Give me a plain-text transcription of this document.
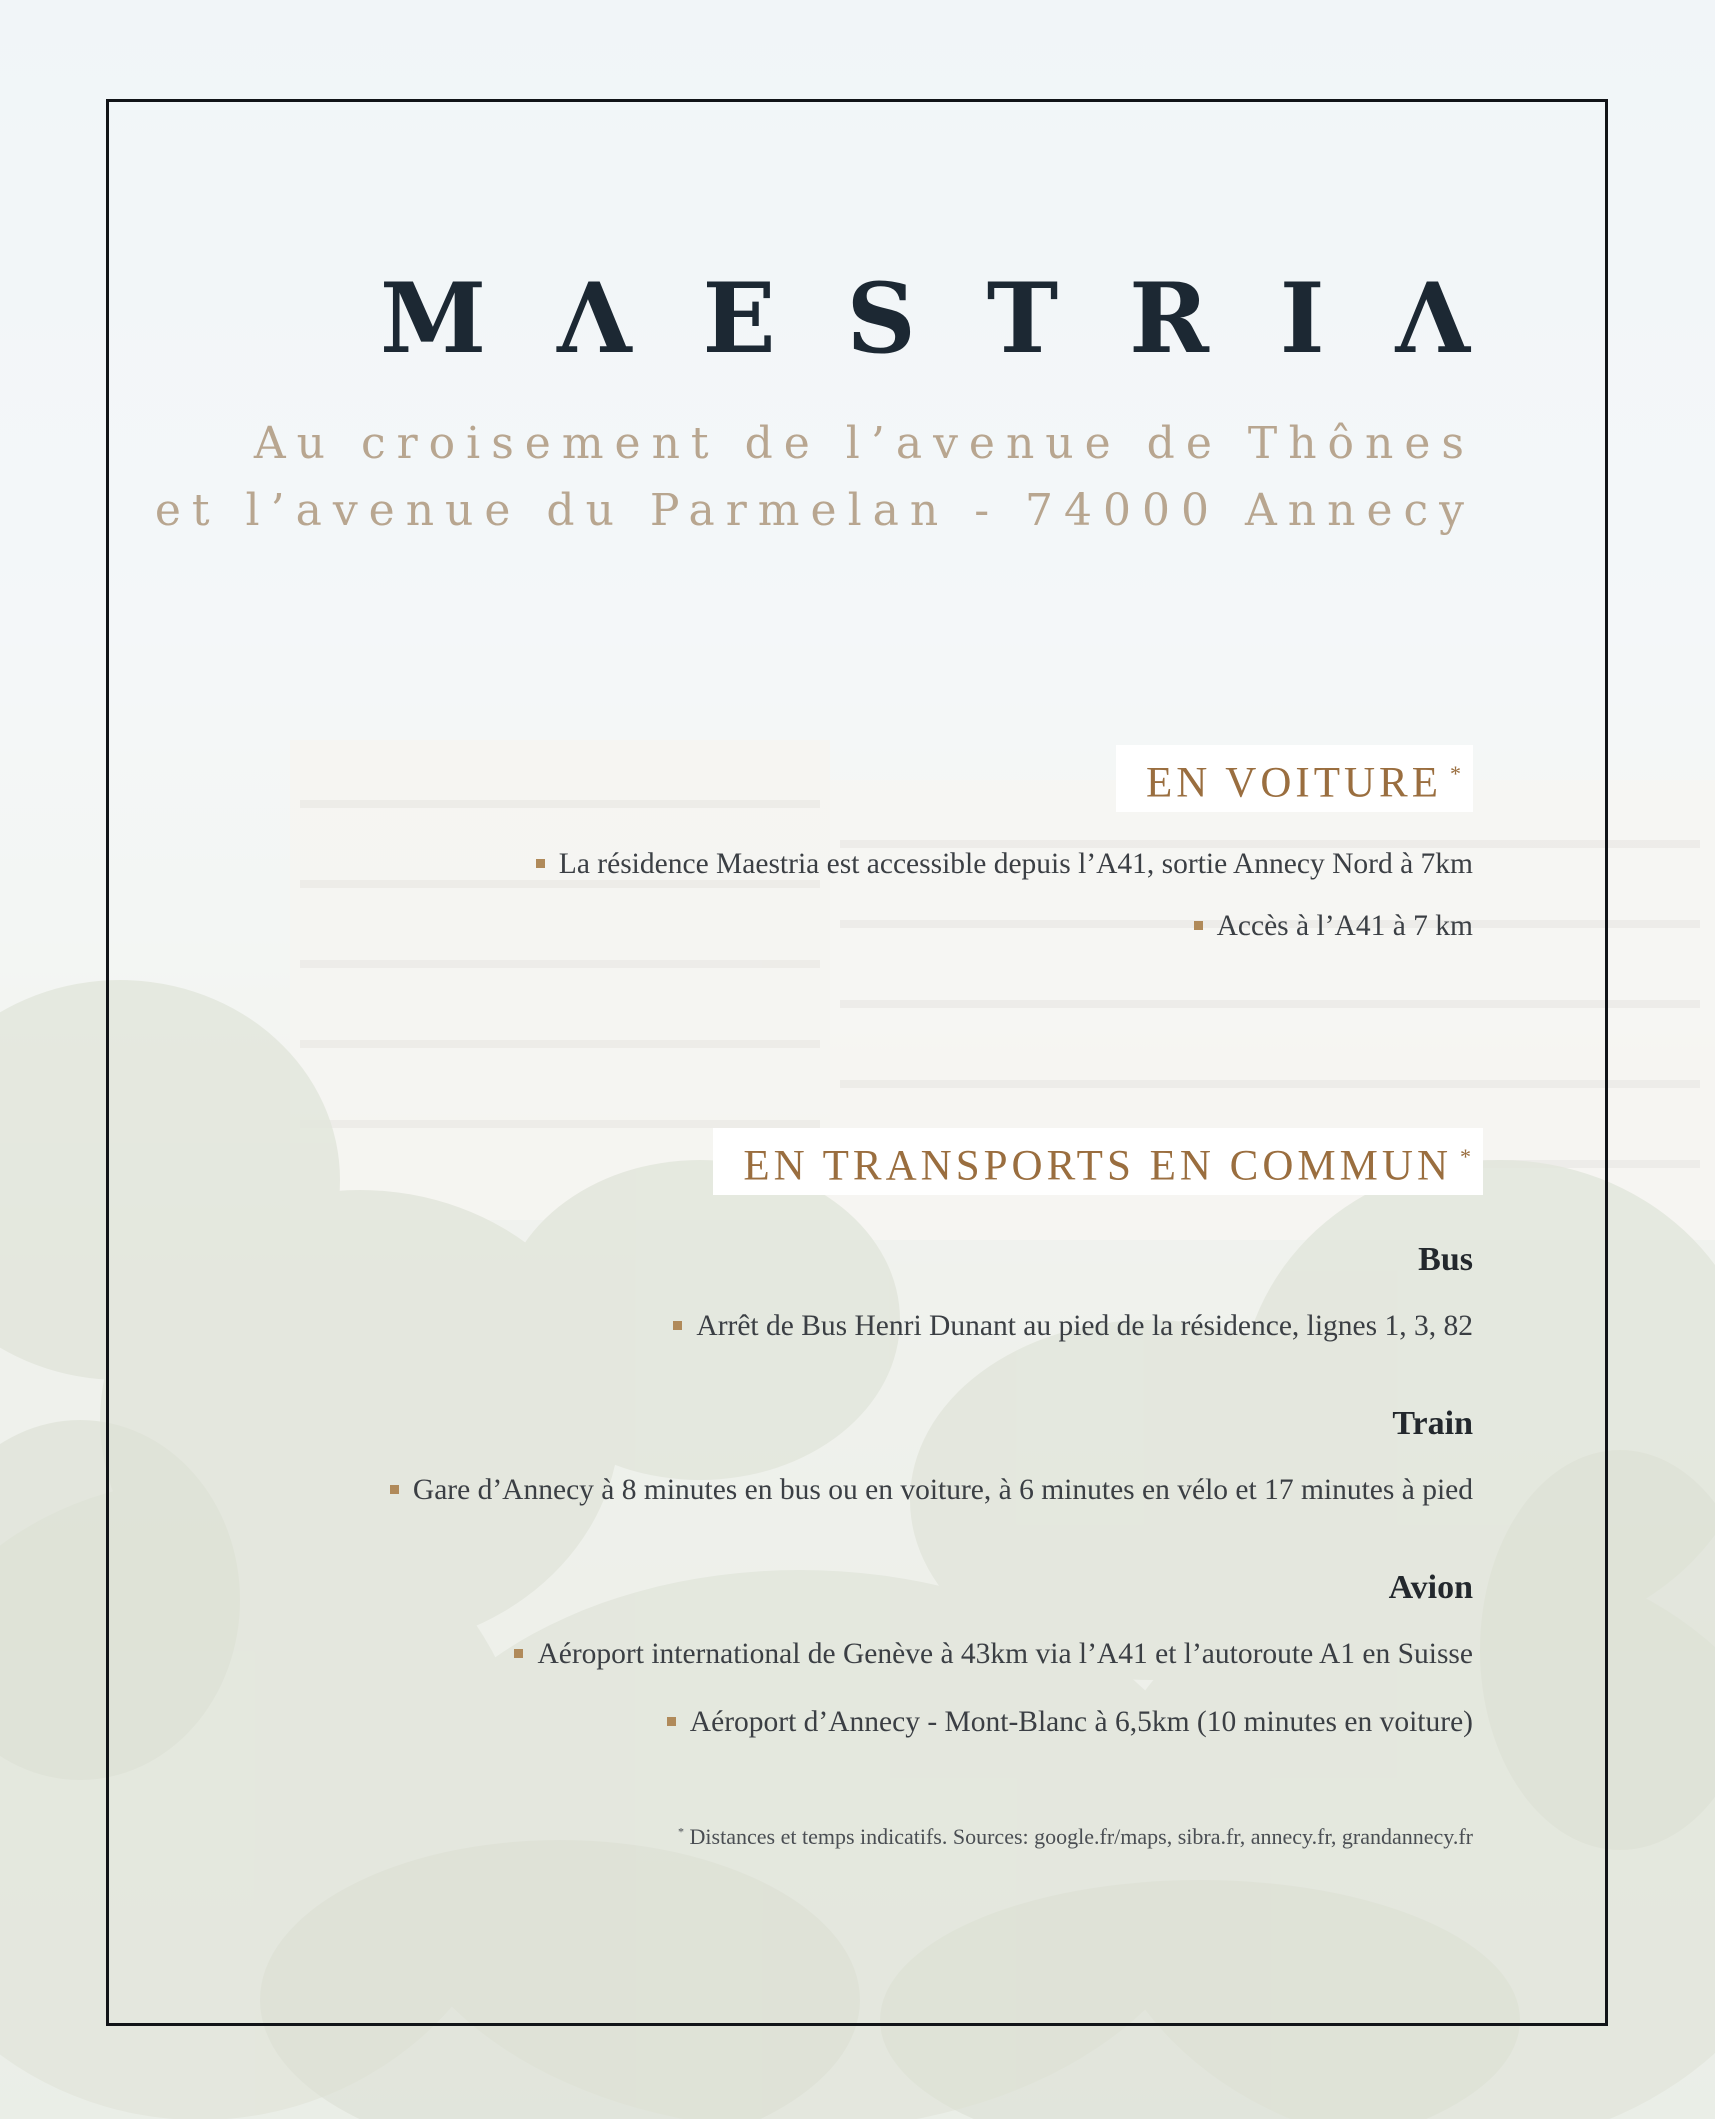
M Λ E S T R I Λ
Au croisement de l’avenue de Thônes
et l’avenue du Parmelan - 74000 Annecy
EN VOITURE *
La résidence Maestria est accessible depuis l’A41, sortie Annecy Nord à 7km
Accès à l’A41 à 7 km
EN TRANSPORTS EN COMMUN *
Bus
Arrêt de Bus Henri Dunant au pied de la résidence, lignes 1, 3, 82
Train
Gare d’Annecy à 8 minutes en bus ou en voiture, à 6 minutes en vélo et 17 minutes à pied
Avion
Aéroport international de Genève à 43km via l’A41 et l’autoroute A1 en Suisse
Aéroport d’Annecy - Mont-Blanc à 6,5km (10 minutes en voiture)
* Distances et temps indicatifs. Sources: google.fr/maps, sibra.fr, annecy.fr, grandannecy.fr
